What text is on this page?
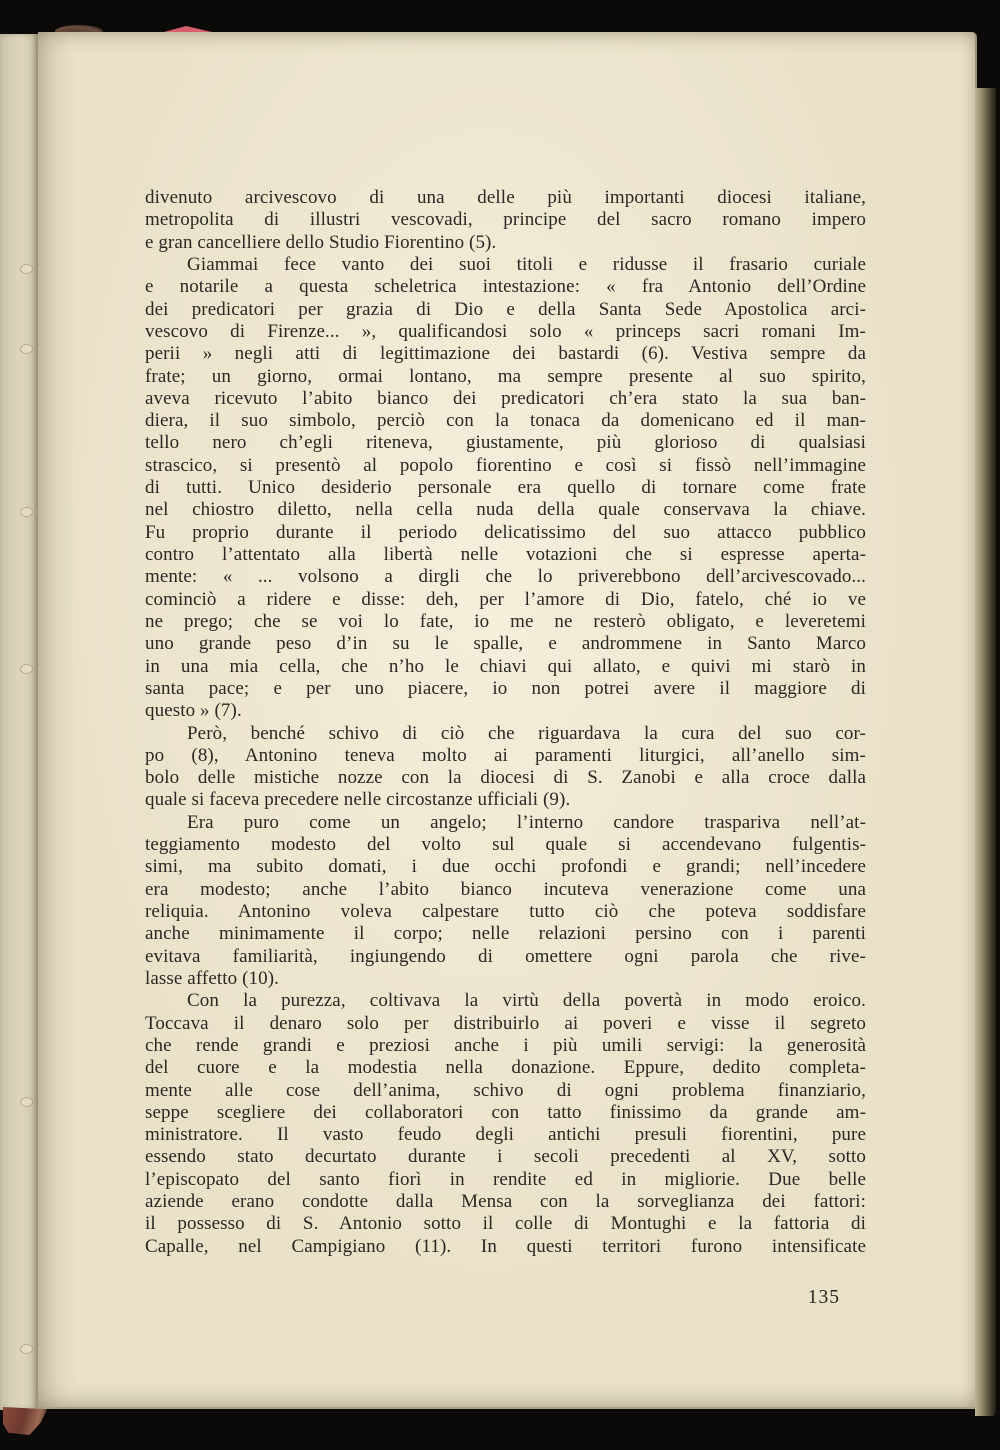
divenuto arcivescovo di una delle più importanti diocesi italiane,
metropolita di illustri vescovadi, principe del sacro romano impero
e gran cancelliere dello Studio Fiorentino (5).
Giammai fece vanto dei suoi titoli e ridusse il frasario curiale
e notarile a questa scheletrica intestazione: « fra Antonio dell’Ordine
dei predicatori per grazia di Dio e della Santa Sede Apostolica arci-
vescovo di Firenze... », qualificandosi solo « princeps sacri romani Im-
perii » negli atti di legittimazione dei bastardi (6). Vestiva sempre da
frate; un giorno, ormai lontano, ma sempre presente al suo spirito,
aveva ricevuto l’abito bianco dei predicatori ch’era stato la sua ban-
diera, il suo simbolo, perciò con la tonaca da domenicano ed il man-
tello nero ch’egli riteneva, giustamente, più glorioso di qualsiasi
strascico, si presentò al popolo fiorentino e così si fissò nell’immagine
di tutti. Unico desiderio personale era quello di tornare come frate
nel chiostro diletto, nella cella nuda della quale conservava la chiave.
Fu proprio durante il periodo delicatissimo del suo attacco pubblico
contro l’attentato alla libertà nelle votazioni che si espresse aperta-
mente: « ... volsono a dirgli che lo priverebbono dell’arcivescovado...
cominciò a ridere e disse: deh, per l’amore di Dio, fatelo, ché io ve
ne prego; che se voi lo fate, io me ne resterò obligato, e leveretemi
uno grande peso d’in su le spalle, e andrommene in Santo Marco
in una mia cella, che n’ho le chiavi qui allato, e quivi mi starò in
santa pace; e per uno piacere, io non potrei avere il maggiore di
questo » (7).
Però, benché schivo di ciò che riguardava la cura del suo cor-
po (8), Antonino teneva molto ai paramenti liturgici, all’anello sim-
bolo delle mistiche nozze con la diocesi di S. Zanobi e alla croce dalla
quale si faceva precedere nelle circostanze ufficiali (9).
Era puro come un angelo; l’interno candore traspariva nell’at-
teggiamento modesto del volto sul quale si accendevano fulgentis-
simi, ma subito domati, i due occhi profondi e grandi; nell’incedere
era modesto; anche l’abito bianco incuteva venerazione come una
reliquia. Antonino voleva calpestare tutto ciò che poteva soddisfare
anche minimamente il corpo; nelle relazioni persino con i parenti
evitava familiarità, ingiungendo di omettere ogni parola che rive-
lasse affetto (10).
Con la purezza, coltivava la virtù della povertà in modo eroico.
Toccava il denaro solo per distribuirlo ai poveri e visse il segreto
che rende grandi e preziosi anche i più umili servigi: la generosità
del cuore e la modestia nella donazione. Eppure, dedito completa-
mente alle cose dell’anima, schivo di ogni problema finanziario,
seppe scegliere dei collaboratori con tatto finissimo da grande am-
ministratore. Il vasto feudo degli antichi presuli fiorentini, pure
essendo stato decurtato durante i secoli precedenti al XV, sotto
l’episcopato del santo fiorì in rendite ed in migliorie. Due belle
aziende erano condotte dalla Mensa con la sorveglianza dei fattori:
il possesso di S. Antonio sotto il colle di Montughi e la fattoria di
Capalle, nel Campigiano (11). In questi territori furono intensificate
135
